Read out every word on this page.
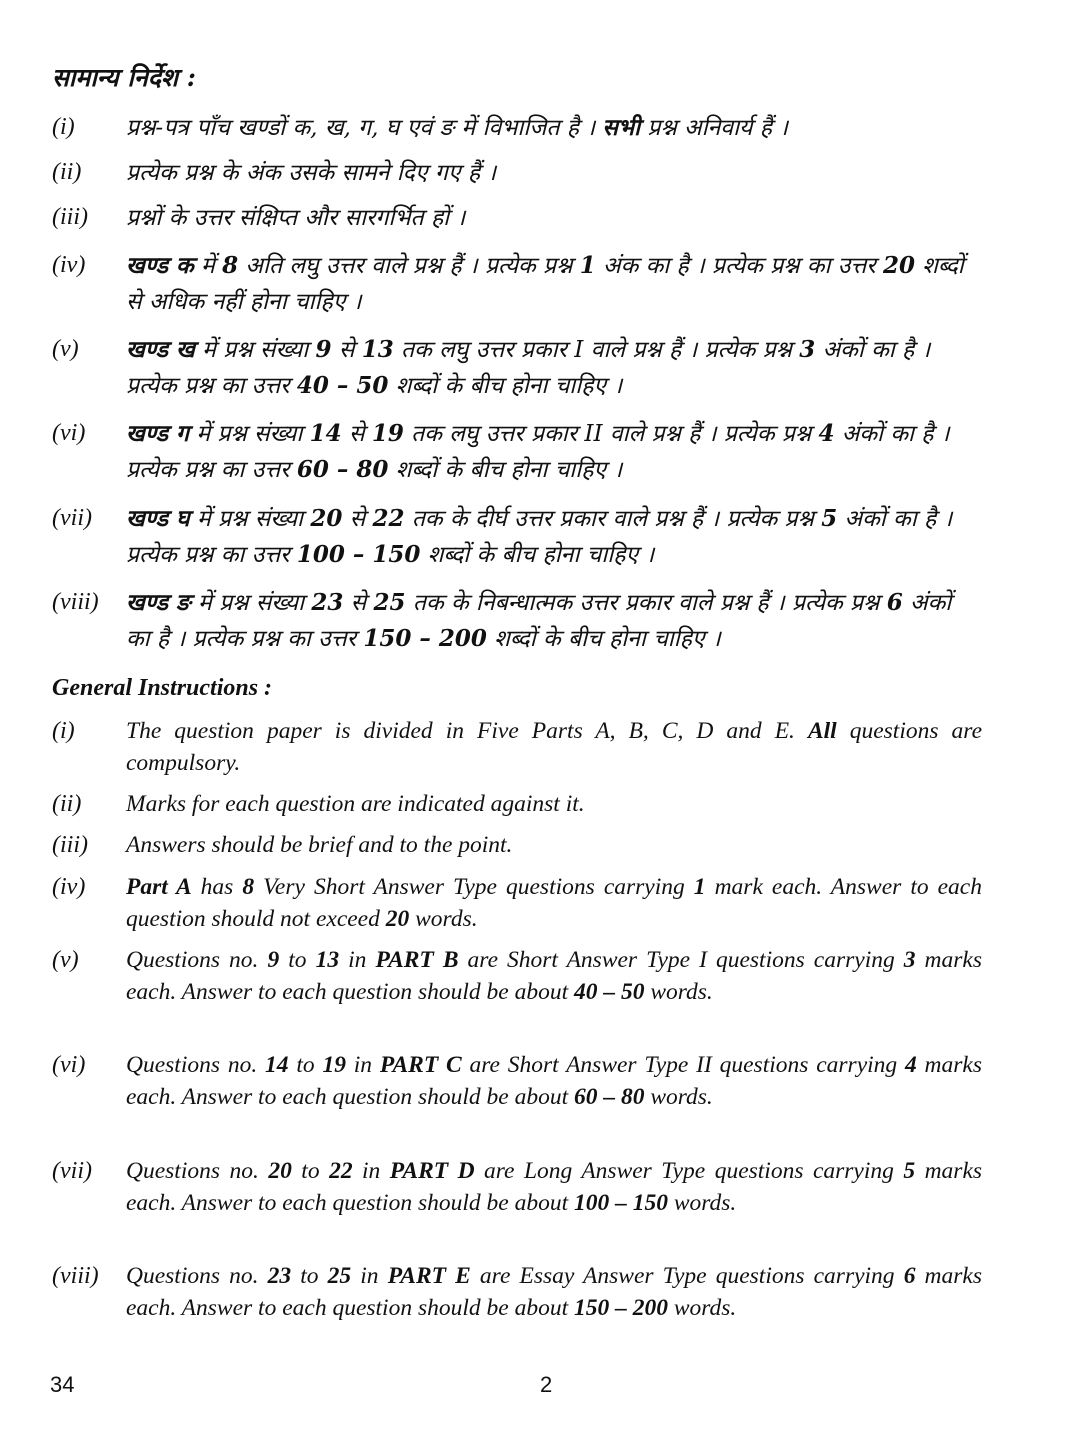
सामान्य निर्देश :
(i) प्रश्न-पत्र पाँच खण्डों क, ख, ग, घ एवं ङ में विभाजित है । सभी प्रश्न अनिवार्य हैं ।

(ii) प्रत्येक प्रश्न के अंक उसके सामने दिए गए हैं ।

(iii) प्रश्नों के उत्तर संक्षिप्त और सारगर्भित हों ।

(iv) खण्ड क में 8 अति लघु उत्तर वाले प्रश्न हैं । प्रत्येक प्रश्न 1 अंक का है । प्रत्येक प्रश्न का उत्तर 20 शब्दों से अधिक नहीं होना चाहिए ।

(v) खण्ड ख में प्रश्न संख्या 9 से 13 तक लघु उत्तर प्रकार I वाले प्रश्न हैं । प्रत्येक प्रश्न 3 अंकों का है । प्रत्येक प्रश्न का उत्तर 40 – 50 शब्दों के बीच होना चाहिए ।

(vi) खण्ड ग में प्रश्न संख्या 14 से 19 तक लघु उत्तर प्रकार II वाले प्रश्न हैं । प्रत्येक प्रश्न 4 अंकों का है । प्रत्येक प्रश्न का उत्तर 60 – 80 शब्दों के बीच होना चाहिए ।

(vii) खण्ड घ में प्रश्न संख्या 20 से 22 तक के दीर्घ उत्तर प्रकार वाले प्रश्न हैं । प्रत्येक प्रश्न 5 अंकों का है । प्रत्येक प्रश्न का उत्तर 100 – 150 शब्दों के बीच होना चाहिए ।

(viii) खण्ड ङ में प्रश्न संख्या 23 से 25 तक के निबन्धात्मक उत्तर प्रकार वाले प्रश्न हैं । प्रत्येक प्रश्न 6 अंकों का है । प्रत्येक प्रश्न का उत्तर 150 – 200 शब्दों के बीच होना चाहिए ।

General Instructions :
(i) The question paper is divided in Five Parts A, B, C, D and E. All questions are compulsory.

(ii) Marks for each question are indicated against it.

(iii) Answers should be brief and to the point.

(iv) Part A has 8 Very Short Answer Type questions carrying 1 mark each. Answer to each question should not exceed 20 words.

(v) Questions no. 9 to 13 in PART B are Short Answer Type I questions carrying 3 marks each. Answer to each question should be about 40 – 50 words.

(vi) Questions no. 14 to 19 in PART C are Short Answer Type II questions carrying 4 marks each. Answer to each question should be about 60 – 80 words.

(vii) Questions no. 20 to 22 in PART D are Long Answer Type questions carrying 5 marks each. Answer to each question should be about 100 – 150 words.

(viii) Questions no. 23 to 25 in PART E are Essay Answer Type questions carrying 6 marks each. Answer to each question should be about 150 – 200 words.

34	2
